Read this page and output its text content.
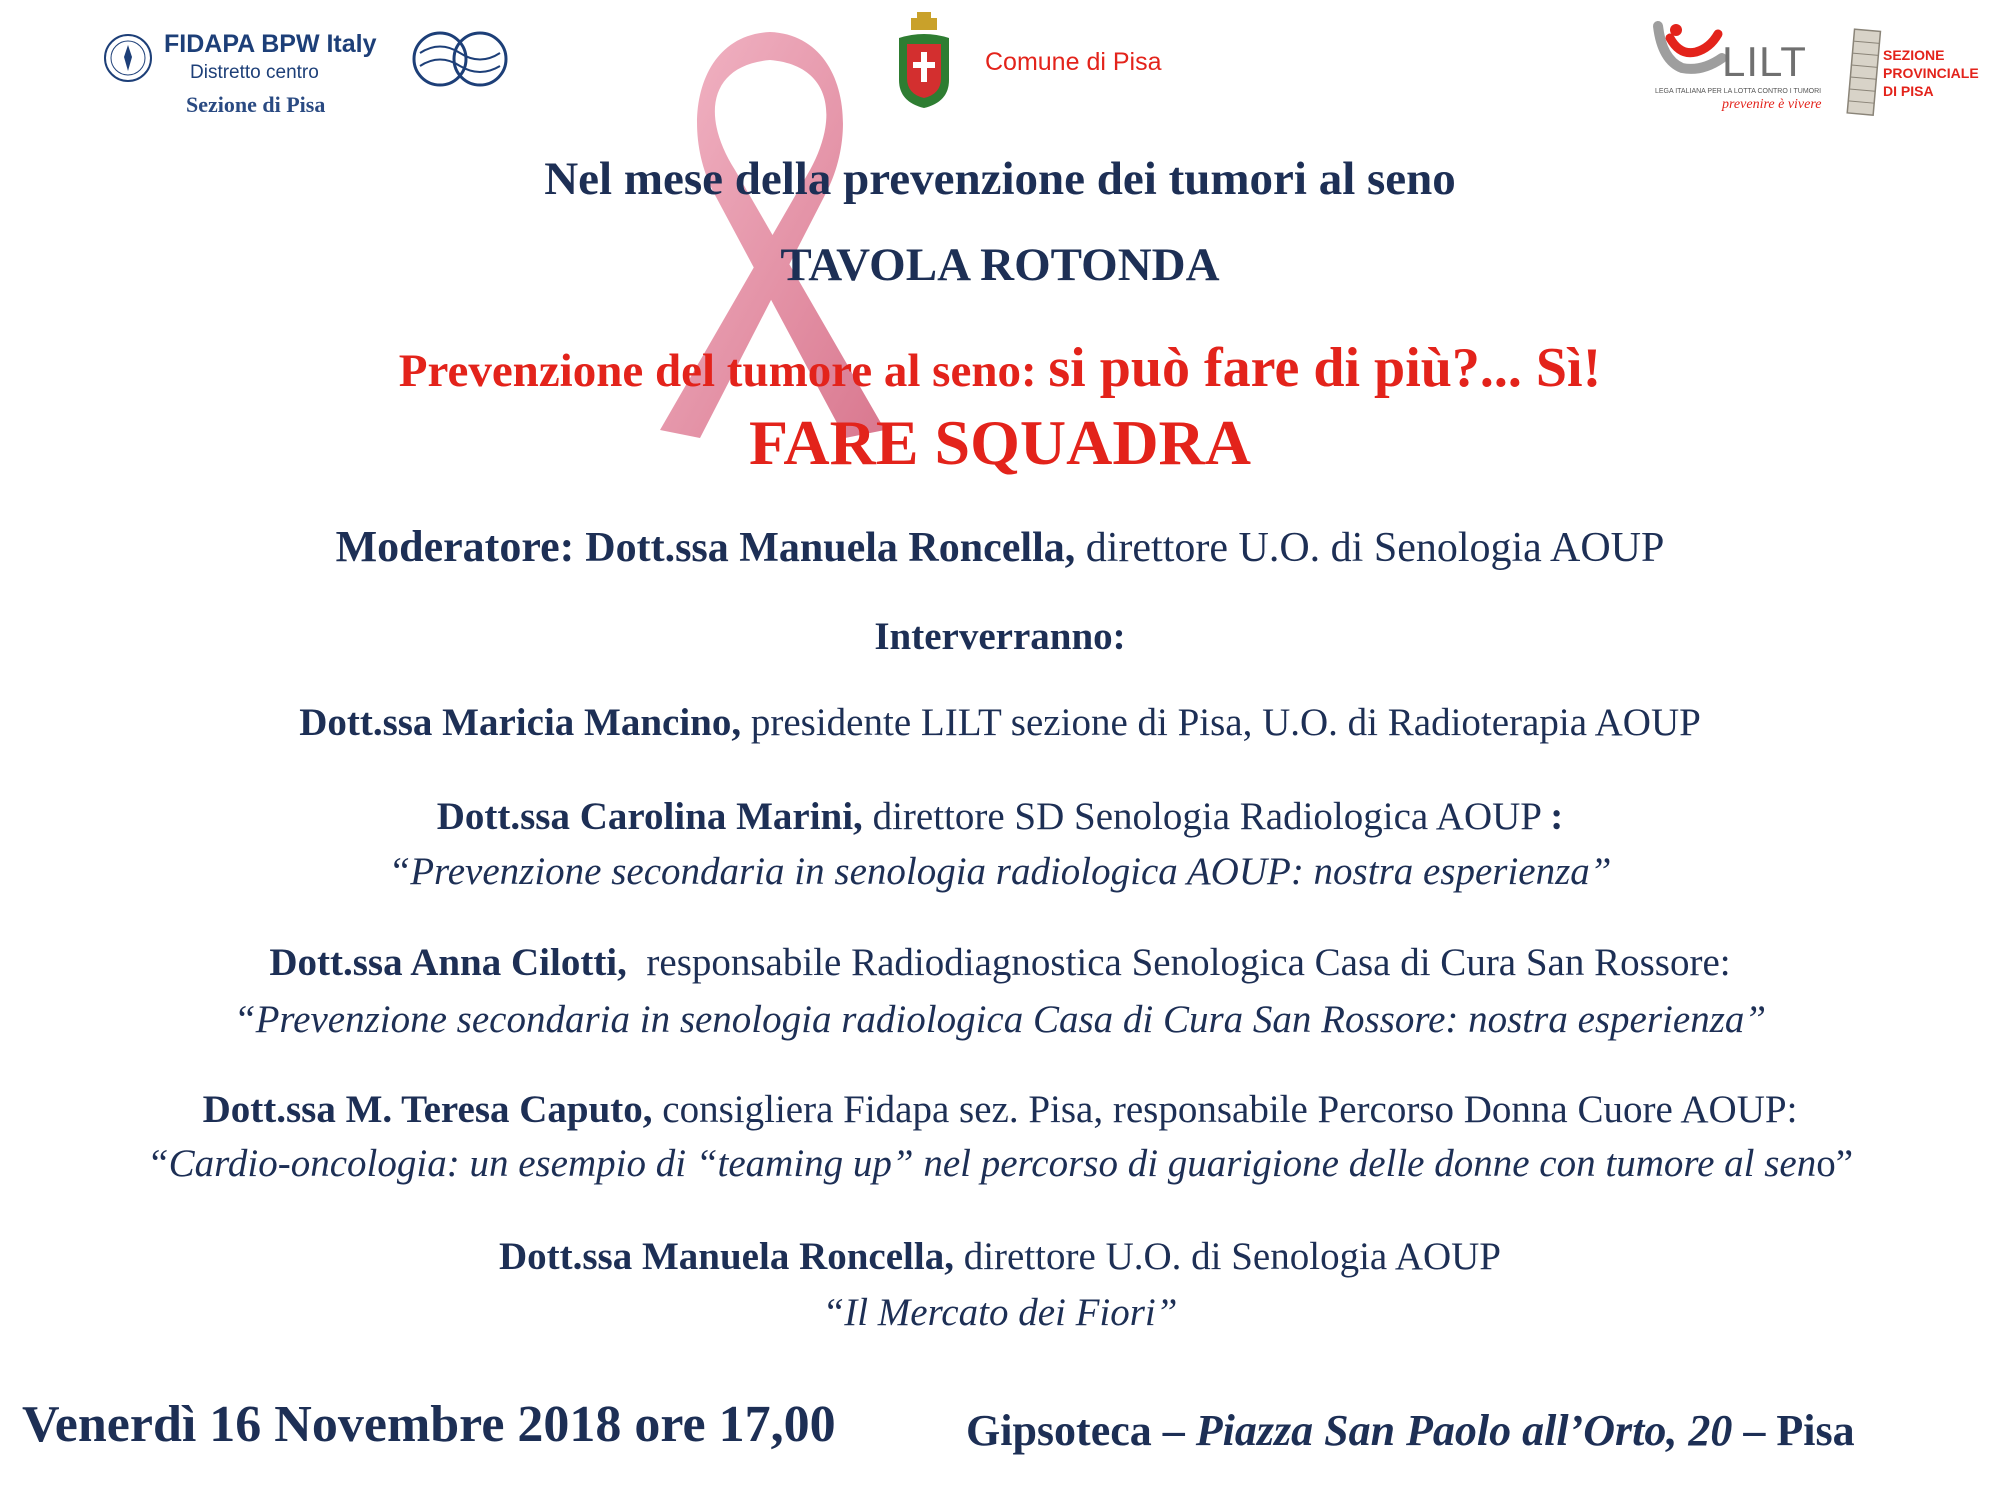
FIDAPA BPW Italy
Distretto centro
Sezione di Pisa
Comune di Pisa	LILT
LEGA ITALIANA PER LA LOTTA CONTRO I TUMORI
prevenire è vivere
SEZIONE
PROVINCIALE
DI PISA
Nel mese della prevenzione dei tumori al seno
TAVOLA ROTONDA
Prevenzione del tumore al seno: si può fare di più?... Sì!
FARE SQUADRA
Moderatore: Dott.ssa Manuela Roncella, direttore U.O. di Senologia AOUP
Interverranno:
Dott.ssa Maricia Mancino, presidente LILT sezione di Pisa, U.O. di Radioterapia AOUP
Dott.ssa Carolina Marini, direttore SD Senologia Radiologica AOUP :
“Prevenzione secondaria in senologia radiologica AOUP: nostra esperienza”
Dott.ssa Anna Cilotti,  responsabile Radiodiagnostica Senologica Casa di Cura San Rossore:
“Prevenzione secondaria in senologia radiologica Casa di Cura San Rossore: nostra esperienza”
Dott.ssa M. Teresa Caputo, consigliera Fidapa sez. Pisa, responsabile Percorso Donna Cuore AOUP:
“Cardio-oncologia: un esempio di “teaming up” nel percorso di guarigione delle donne con tumore al seno”
Dott.ssa Manuela Roncella, direttore U.O. di Senologia AOUP
“Il Mercato dei Fiori”
Venerdì 16 Novembre 2018 ore 17,00	Gipsoteca – Piazza San Paolo all’Orto, 20 – Pisa
